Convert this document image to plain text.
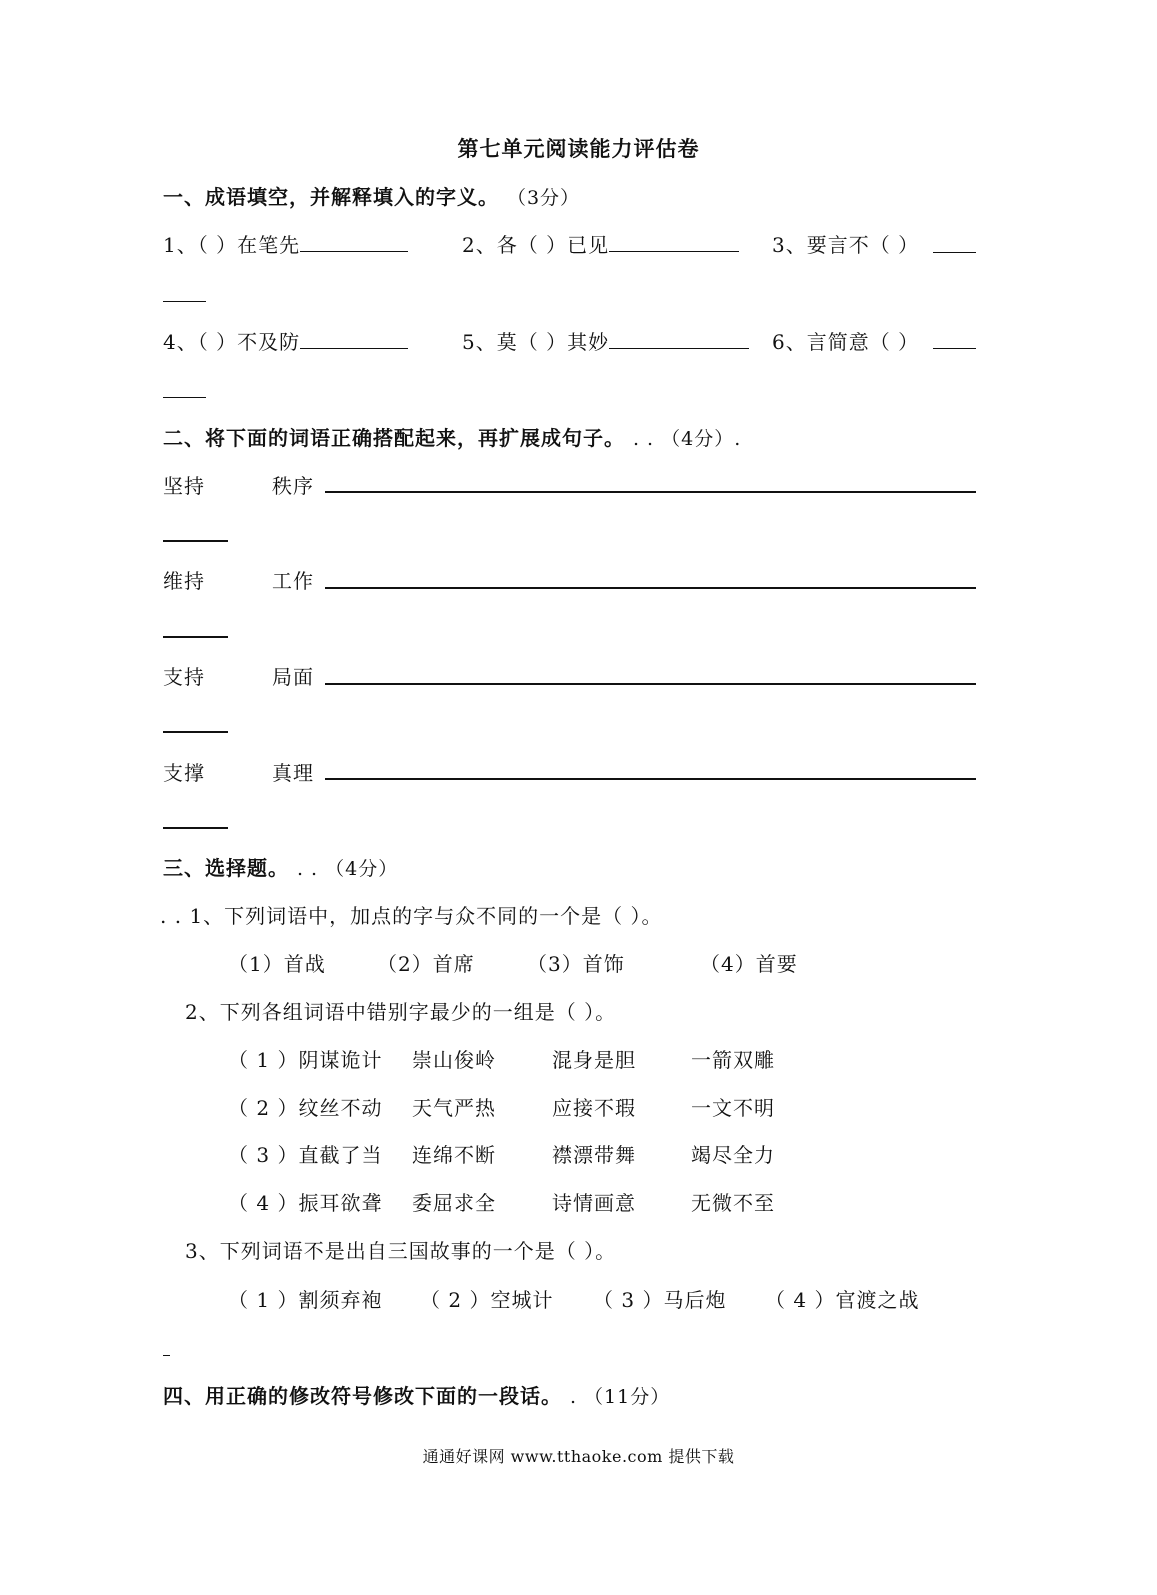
第七单元阅读能力评估卷
一、成语填空，并解释填入的字义。 （3分）
1、（ ）在笔先	2、各（ ）已见	3、要言不（ ）
4、（ ）不及防	5、莫（ ）其妙	6、言简意（ ）
二、将下面的词语正确搭配起来，再扩展成句子。 . . （4分）.
坚持	秩序
维持	工作
支持	局面
支撑	真理
三、选择题。 . . （4分）
. . 1、下列词语中，加点的字与众不同的一个是（ ）。
（1）首战	（2）首席	（3）首饰	（4）首要
2、下列各组词语中错别字最少的一组是（ ）。
（ 1 ）阴谋诡计 崇山俊岭	混身是胆	一箭双雕
（ 2 ）纹丝不动 天气严热	应接不瑕	一文不明
（ 3 ）直截了当 连绵不断	襟漂带舞	竭尽全力
（ 4 ）振耳欲聋 委屈求全	诗情画意	无微不至
3、下列词语不是出自三国故事的一个是（ ）。
（ 1 ）割须弃袍 （ 2 ）空城计 （ 3 ）马后炮 （ 4 ）官渡之战
四、用正确的修改符号修改下面的一段话。 . （11分）
通通好课网 www.tthaoke.com 提供下载
